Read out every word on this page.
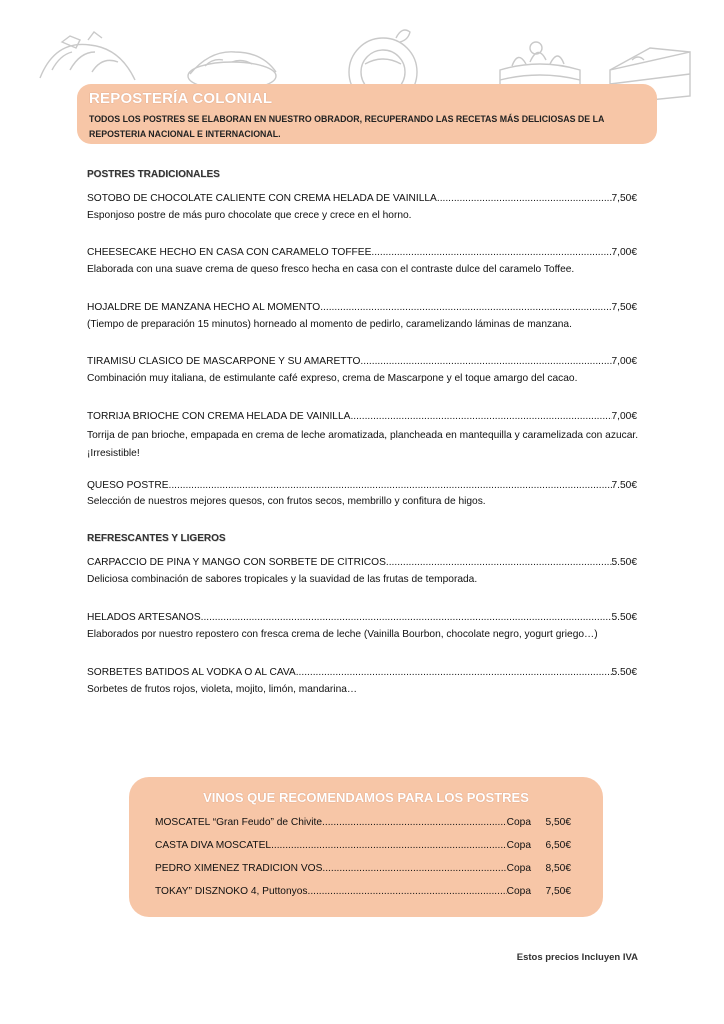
REPOSTERÍA COLONIAL
TODOS LOS POSTRES SE ELABORAN EN NUESTRO OBRADOR, RECUPERANDO LAS RECETAS MÁS DELICIOSAS DE LA REPOSTERIA NACIONAL E INTERNACIONAL.
POSTRES TRADICIONALES
SOTOBÓ DE CHOCOLATE CALIENTE CON CREMA HELADA DE VAINILLA .....	7,50€
Esponjoso postre de más puro chocolate que crece y crece en el horno.
CHEESECAKE HECHO EN CASA CON CARAMELO TOFFEE .....	7,00€
Elaborada con una suave crema de queso fresco hecha en casa con el contraste dulce del caramelo Toffee.
HOJALDRE DE MANZANA HECHO AL MOMENTO .....	7,50€
(Tiempo de preparación 15 minutos) horneado al momento de pedirlo, caramelizando láminas de manzana.
TIRAMISÚ CLÁSICO DE MASCARPONE Y SU AMARETTO .....	7,00€
Combinación muy italiana, de estimulante café expreso, crema de Mascarpone y el toque amargo del cacao.
TORRIJA BRIOCHE CON CREMA HELADA DE VAINILLA .....	7,00€
Torrija de pan brioche, empapada en crema de leche aromatizada, plancheada en mantequilla y caramelizada con azucar. ¡Irresistible!
QUESO POSTRE .....	7.50€
Selección de nuestros mejores quesos, con frutos secos, membrillo y confitura de higos.
REFRESCANTES Y LIGEROS
CARPACCIO DE PIÑA Y MANGO CON SORBETE DE CÍTRICOS .....	5.50€
Deliciosa combinación de sabores tropicales y la suavidad de las frutas de temporada.
HELADOS ARTESANOS .....	5.50€
Elaborados por nuestro repostero con fresca crema de leche (Vainilla Bourbon, chocolate negro, yogurt griego…)
SORBETES BATIDOS AL VODKA O AL CAVA .....	5.50€
Sorbetes de frutos rojos, violeta, mojito, limón, mandarina…
VINOS QUE RECOMENDAMOS PARA LOS POSTRES
MOSCATEL “Gran Feudo” de Chivite .....	Copa	5,50€
CASTA DIVA MOSCATEL .....	Copa	6,50€
PEDRO XIMÉNEZ TRADICIÓN VOS .....	Copa	8,50€
TOKAY” DISZNOKO 4, Puttonyos .....	Copa	7,50€
Estos precios Incluyen IVA
